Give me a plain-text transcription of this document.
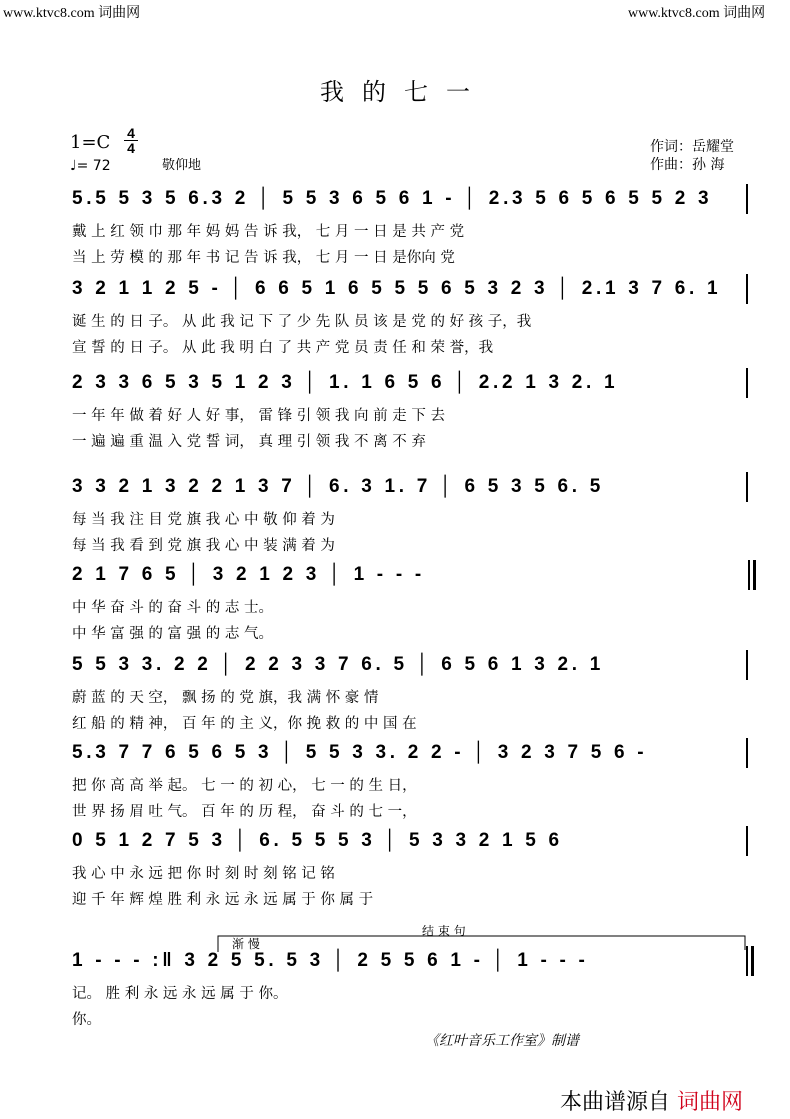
www.ktvc8.com 词曲网	www.ktvc8.com 词曲网
我的七一
1=C 4
4
♩= 72	敬仰地
作词：岳耀堂
作曲：孙 海
5.5 5 3 5 6.3 2 │ 5 5 3 6 5 6 1 - │ 2.3 5 6 5 6 5 5 2 3
戴 上 红 领 巾 那 年 妈 妈 告 诉 我， 七 月 一 日 是 共 产 党
当 上 劳 模 的 那 年 书 记 告 诉 我， 七 月 一 日 是你向 党
3 2 1 1 2 5 - │ 6 6 5 1 6 5 5 5 6 5 3 2 3 │ 2.1 3 7 6. 1
诞 生 的 日 子。 从 此 我 记 下 了 少 先 队 员 该 是 党 的 好 孩 子，我
宣 誓 的 日 子。 从 此 我 明 白 了 共 产 党 员 责 任 和 荣 誉，我
2 3 3 6 5 3 5 1 2 3 │ 1. 1 6 5 6 │ 2.2 1 3 2. 1
一 年 年 做 着 好 人 好 事， 雷 锋 引 领 我 向 前 走 下 去
一 遍 遍 重 温 入 党 誓 词， 真 理 引 领 我 不 离 不 弃
3 3 2 1 3 2 2 1 3 7 │ 6. 3 1. 7 │ 6 5 3 5 6. 5
每 当 我 注 目 党 旗 我 心 中 敬 仰 着 为
每 当 我 看 到 党 旗 我 心 中 装 满 着 为
2 1 7 6 5 │ 3 2 1 2 3 │ 1 - - -
中 华 奋 斗 的 奋 斗 的 志 士。
中 华 富 强 的 富 强 的 志 气。
5 5 3 3. 2 2 │ 2 2 3 3 7 6. 5 │ 6 5 6 1 3 2. 1
蔚 蓝 的 天 空， 飘 扬 的 党 旗，我 满 怀 豪 情
红 船 的 精 神， 百 年 的 主 义，你 挽 救 的 中 国 在
5.3 7 7 6 5 6 5 3 │ 5 5 3 3. 2 2 - │ 3 2 3 7 5 6 -
把 你 高 高 举 起。 七 一 的 初 心， 七 一 的 生 日，
世 界 扬 眉 吐 气。 百 年 的 历 程， 奋 斗 的 七 一，
0 5 1 2 7 5 3 │ 6. 5 5 5 3 │ 5 3 3 2 1 5 6
我 心 中 永 远 把 你 时 刻 时 刻 铭 记 铭
迎 千 年 辉 煌 胜 利 永 远 永 远 属 于 你 属 于
1 - - - :‖ 3 2 5 5. 5 3 │ 2 5 5 6 1 - │ 1 - - -
记。 胜 利 永 远 永 远 属 于 你。
你。
渐 慢
结 束 句
《红叶音乐工作室》制谱
本曲谱源自 词曲网
